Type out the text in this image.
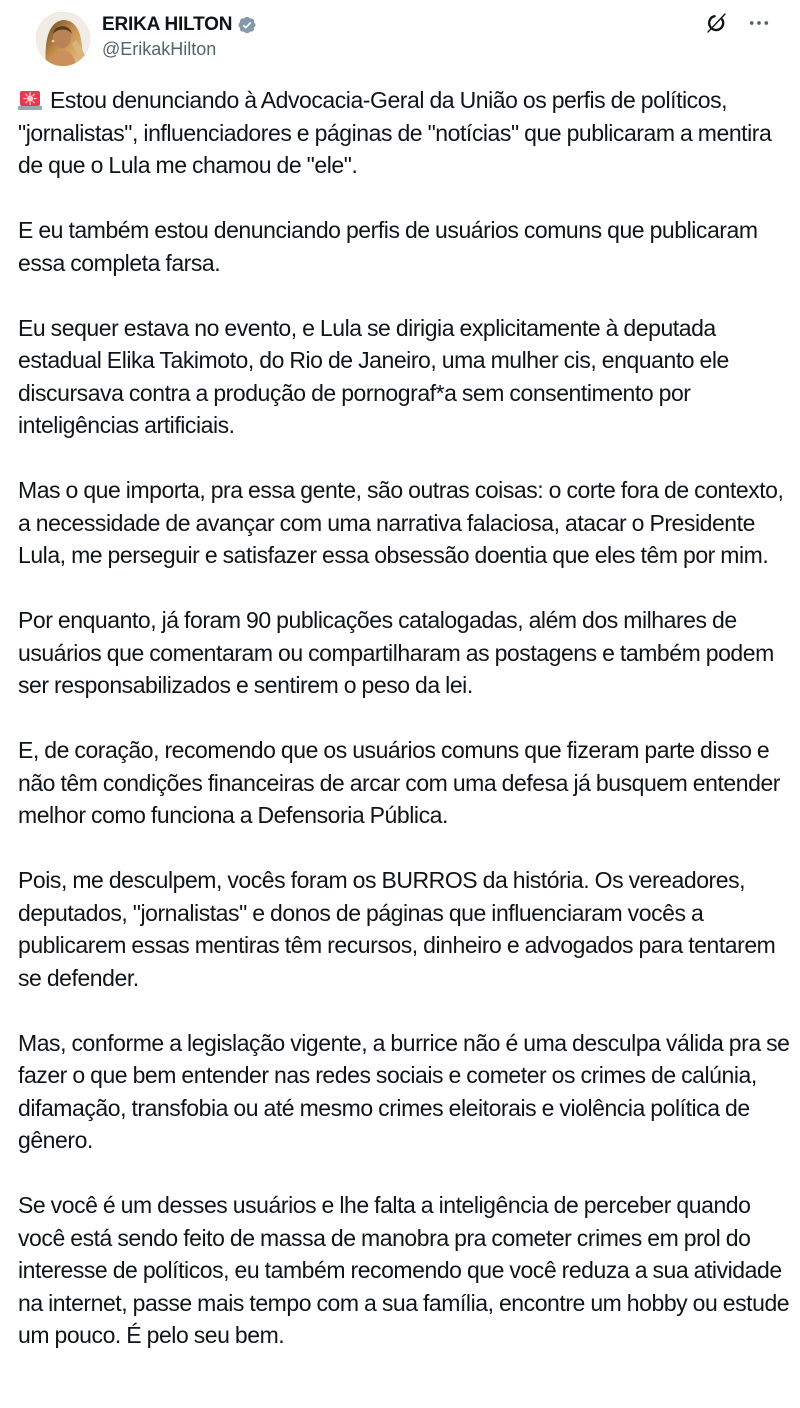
ERIKA HILTON
@ErikakHilton

Estou denunciando à Advocacia-Geral da União os perfis de políticos, "jornalistas", influenciadores e páginas de "notícias" que publicaram a mentira de que o Lula me chamou de "ele".

E eu também estou denunciando perfis de usuários comuns que publicaram essa completa farsa.

Eu sequer estava no evento, e Lula se dirigia explicitamente à deputada estadual Elika Takimoto, do Rio de Janeiro, uma mulher cis, enquanto ele discursava contra a produção de pornograf*a sem consentimento por inteligências artificiais.

Mas o que importa, pra essa gente, são outras coisas: o corte fora de contexto, a necessidade de avançar com uma narrativa falaciosa, atacar o Presidente Lula, me perseguir e satisfazer essa obsessão doentia que eles têm por mim.

Por enquanto, já foram 90 publicações catalogadas, além dos milhares de usuários que comentaram ou compartilharam as postagens e também podem ser responsabilizados e sentirem o peso da lei.

E, de coração, recomendo que os usuários comuns que fizeram parte disso e não têm condições financeiras de arcar com uma defesa já busquem entender melhor como funciona a Defensoria Pública.

Pois, me desculpem, vocês foram os BURROS da história. Os vereadores, deputados, "jornalistas" e donos de páginas que influenciaram vocês a publicarem essas mentiras têm recursos, dinheiro e advogados para tentarem se defender.

Mas, conforme a legislação vigente, a burrice não é uma desculpa válida pra se fazer o que bem entender nas redes sociais e cometer os crimes de calúnia, difamação, transfobia ou até mesmo crimes eleitorais e violência política de gênero.

Se você é um desses usuários e lhe falta a inteligência de perceber quando você está sendo feito de massa de manobra pra cometer crimes em prol do interesse de políticos, eu também recomendo que você reduza a sua atividade na internet, passe mais tempo com a sua família, encontre um hobby ou estude um pouco. É pelo seu bem.
